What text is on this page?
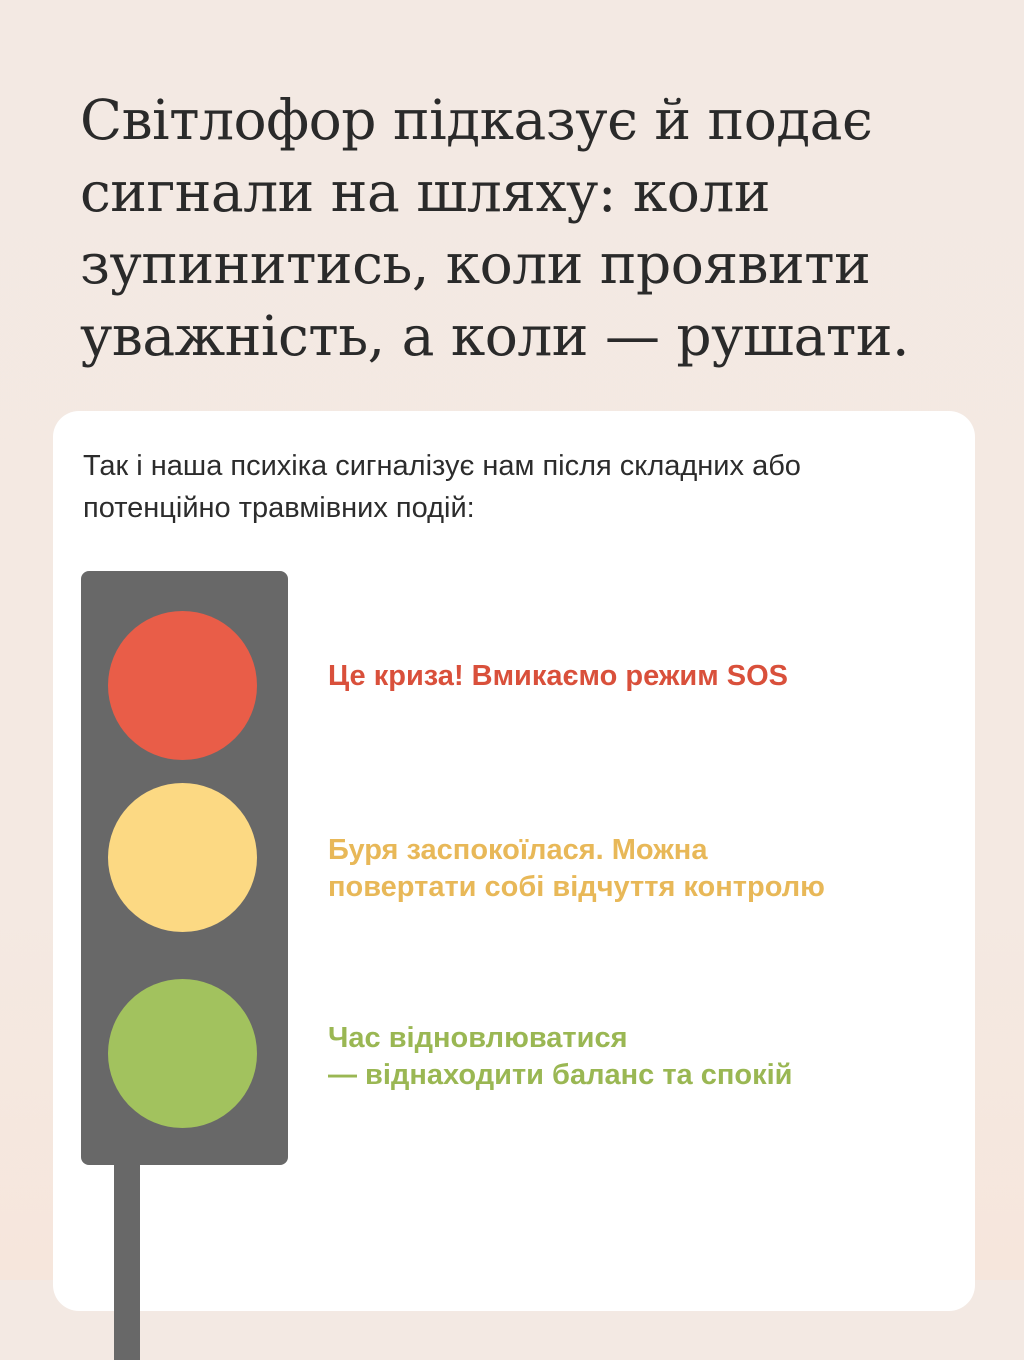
Світлофор підказує й подає сигнали на шляху: коли зупинитись, коли проявити уважність, а коли — рушати.

Так і наша психіка сигналізує нам після складних або потенційно травмівних подій:

Це криза! Вмикаємо режим SOS

Буря заспокоїлася. Можна
повертати собі відчуття контролю

Час відновлюватися
— віднаходити баланс та спокій
